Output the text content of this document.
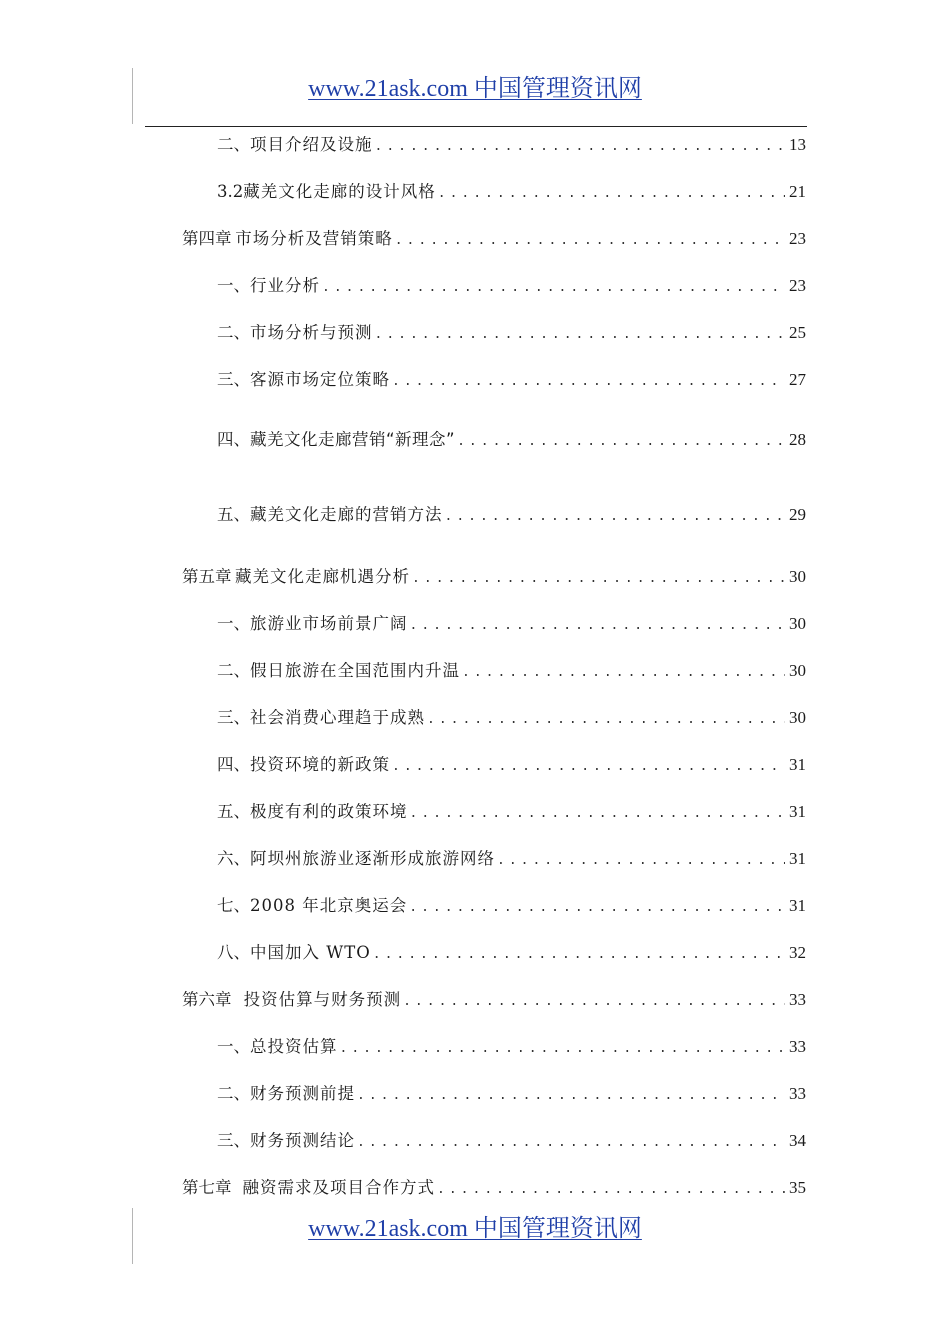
www.21ask.com 中国管理资讯网
二、 项目介绍及设施 .....	13
3.2 藏羌文化走廊的设计风格 .....	21
第四章 市场分析及营销策略 .....	23
一、 行业分析 .....	23
二、 市场分析与预测 .....	25
三、 客源市场定位策略 .....	27
四、 藏羌文化走廊营销“新理念” .....	28
五、 藏羌文化走廊的营销方法 .....	29
第五章 藏羌文化走廊机遇分析 .....	30
一、 旅游业市场前景广阔 .....	30
二、 假日旅游在全国范围内升温 .....	30
三、 社会消费心理趋于成熟 .....	30
四、 投资环境的新政策 .....	31
五、 极度有利的政策环境 .....	31
六、 阿坝州旅游业逐渐形成旅游网络 .....	31
七、 2008 年北京奥运会 .....	31
八、 中国加入 WTO .....	32
第六章 投资估算与财务预测 .....	33
一、 总投资估算 .....	33
二、 财务预测前提 .....	33
三、 财务预测结论 .....	34
第七章 融资需求及项目合作方式 .....	35
www.21ask.com 中国管理资讯网
